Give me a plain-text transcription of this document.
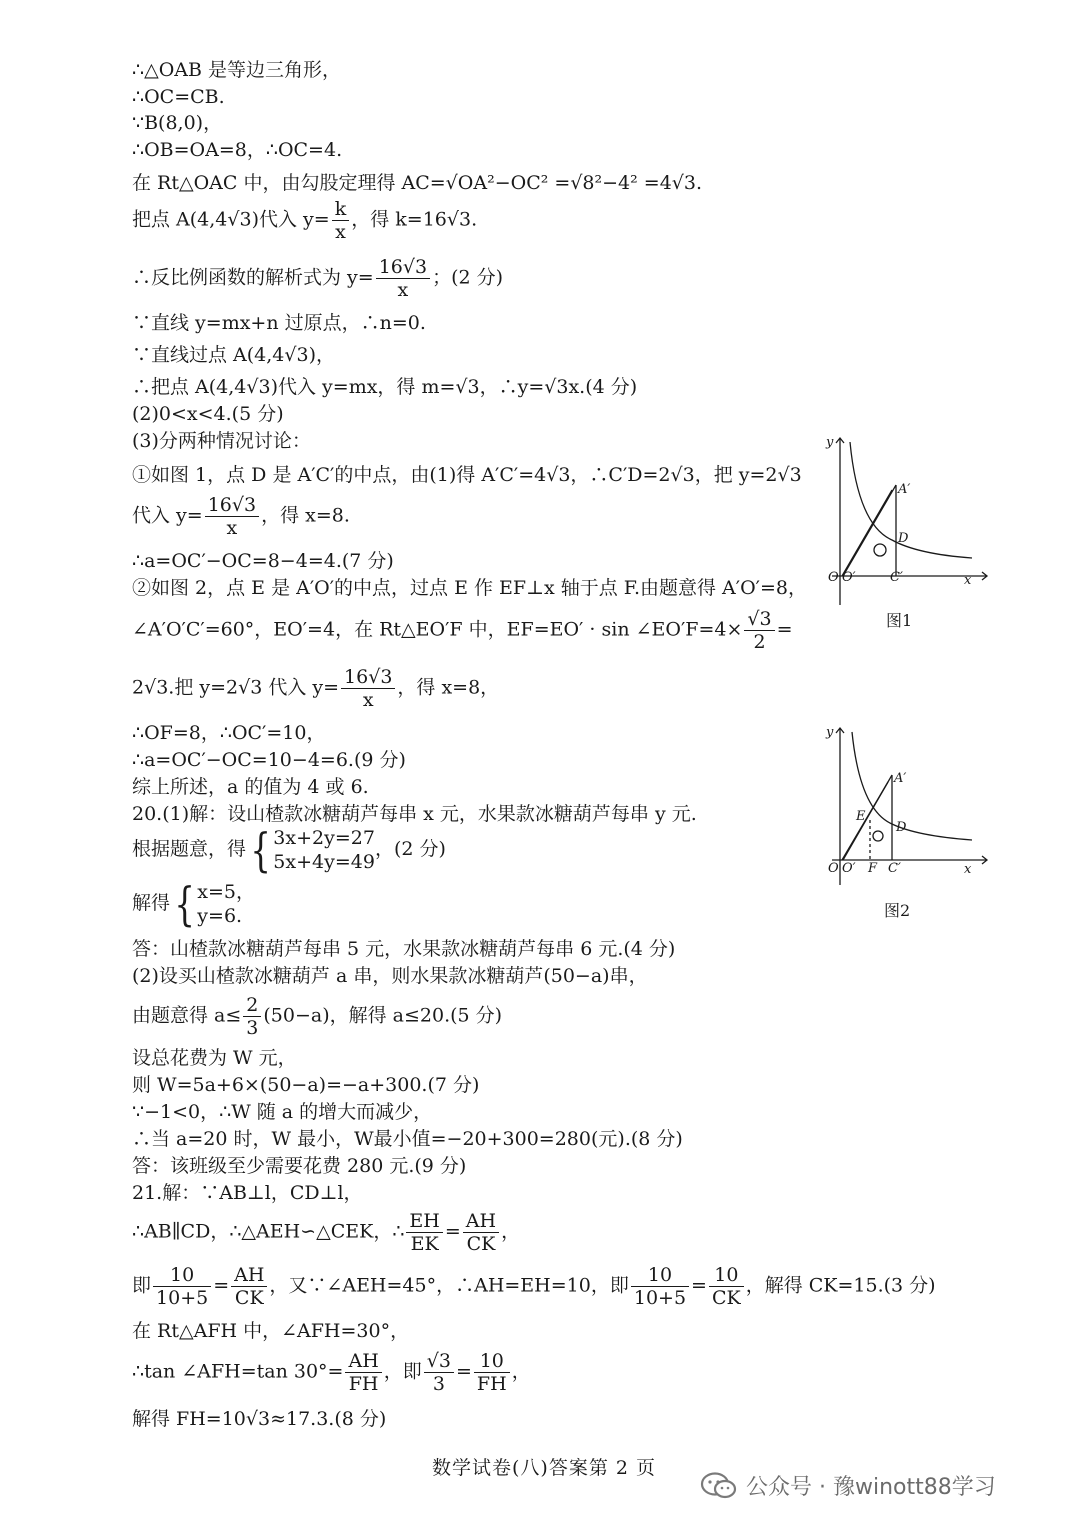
∴△OAB 是等边三角形，
∴OC=CB.
∵B(8,0)，
∴OB=OA=8，∴OC=4.
在 Rt△OAC 中，由勾股定理得 AC=√OA²−OC² =√8²−4² =4√3.
把点 A(4,4√3)代入 $y= \frac{k}{x}$ ，得 k=16√3.
∴反比例函数的解析式为 $y= \frac{16√3}{x}$ ；(2 分)
∵直线 y=mx+n 过原点，∴n=0.
∵直线过点 A(4,4√3)，
∴把点 A(4,4√3)代入 y=mx，得 m=√3，∴y=√3x.(4 分)
(2)0<x<4.(5 分)
(3)分两种情况讨论：
①如图 1，点 D 是 A′C′的中点，由(1)得 A′C′=4√3，∴C′D=2√3，把 y=2√3
代入 $y= \frac{16√3}{x}$ ，得 x=8.
∴a=OC′−OC=8−4=4.(7 分)
②如图 2，点 E 是 A′O′的中点，过点 E 作 EF⊥x 轴于点 F.由题意得 A′O′=8，
∠A′O′C′=60°，EO′=4，在 Rt△EO′F 中，EF=EO′ · sin ∠EO′F=4× $\frac{√3}{2}$ =
2√3.把 y=2√3 代入 $y= \frac{16√3}{x}$ ，得 x=8，
∴OF=8，∴OC′=10，
∴a=OC′−OC=10−4=6.(9 分)
综上所述，a 的值为 4 或 6.
20.(1)解：设山楂款冰糖葫芦每串 x 元，水果款冰糖葫芦每串 y 元.
根据题意，得{ 3x+2y=27
5x+4y=49
，(2 分)
解得{ x=5，
y=6.
答：山楂款冰糖葫芦每串 5 元，水果款冰糖葫芦每串 6 元.(4 分)
(2)设买山楂款冰糖葫芦 a 串，则水果款冰糖葫芦(50−a)串，
由题意得 $a\le \frac{2}{3} (50-a)$，解得 a≤20.(5 分)
设总花费为 W 元，
则 W=5a+6×(50−a)=−a+300.(7 分)
∵−1<0，∴W 随 a 的增大而减少，
∴当 a=20 时，W 最小，W最小值=−20+300=280(元).(8 分)
答：该班级至少需要花费 280 元.(9 分)
21.解：∵AB⊥l，CD⊥l，
∴AB∥CD，∴△AEH∽△CEK，∴ $\frac{EH}{EK} = \frac{AH}{CK}$ ，
即 $\frac{10}{10+5} = \frac{AH}{CK}$ ，又∵∠AEH=45°，∴AH=EH=10，即 $\frac{10}{10+5} = \frac{10}{CK}$ ，解得 CK=15.(3 分)
在 Rt△AFH 中，∠AFH=30°，
∴tan ∠AFH=tan $30^\circ= \frac{AH}{FH}$ ，即 $\frac{√3}{3} = \frac{10}{FH}$ ，
解得 FH=10√3≈17.3.(8 分)
y
x
O O′	C′
A′
D
图1
y
x
O O′ F C′
A′
D
E
图2
数学试卷(八)答案第 2 页
公众号 · 豫winott88学习
